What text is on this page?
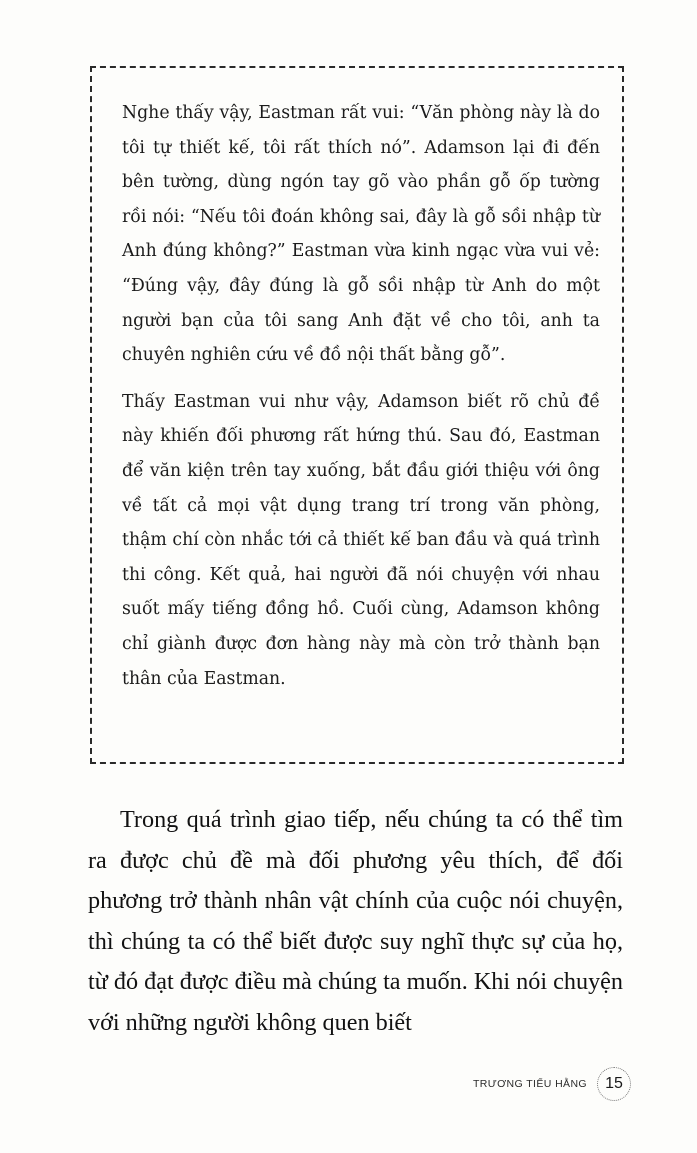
Nghe thấy vậy, Eastman rất vui: “Văn phòng này là do tôi tự thiết kế, tôi rất thích nó”. Adamson lại đi đến bên tường, dùng ngón tay gõ vào phần gỗ ốp tường rồi nói: “Nếu tôi đoán không sai, đây là gỗ sồi nhập từ Anh đúng không?” Eastman vừa kinh ngạc vừa vui vẻ: “Đúng vậy, đây đúng là gỗ sồi nhập từ Anh do một người bạn của tôi sang Anh đặt về cho tôi, anh ta chuyên nghiên cứu về đồ nội thất bằng gỗ”.

Thấy Eastman vui như vậy, Adamson biết rõ chủ đề này khiến đối phương rất hứng thú. Sau đó, Eastman để văn kiện trên tay xuống, bắt đầu giới thiệu với ông về tất cả mọi vật dụng trang trí trong văn phòng, thậm chí còn nhắc tới cả thiết kế ban đầu và quá trình thi công. Kết quả, hai người đã nói chuyện với nhau suốt mấy tiếng đồng hồ. Cuối cùng, Adamson không chỉ giành được đơn hàng này mà còn trở thành bạn thân của Eastman.

Trong quá trình giao tiếp, nếu chúng ta có thể tìm ra được chủ đề mà đối phương yêu thích, để đối phương trở thành nhân vật chính của cuộc nói chuyện, thì chúng ta có thể biết được suy nghĩ thực sự của họ, từ đó đạt được điều mà chúng ta muốn. Khi nói chuyện với những người không quen biết

TRƯƠNG TIỂU HẰNG	15
